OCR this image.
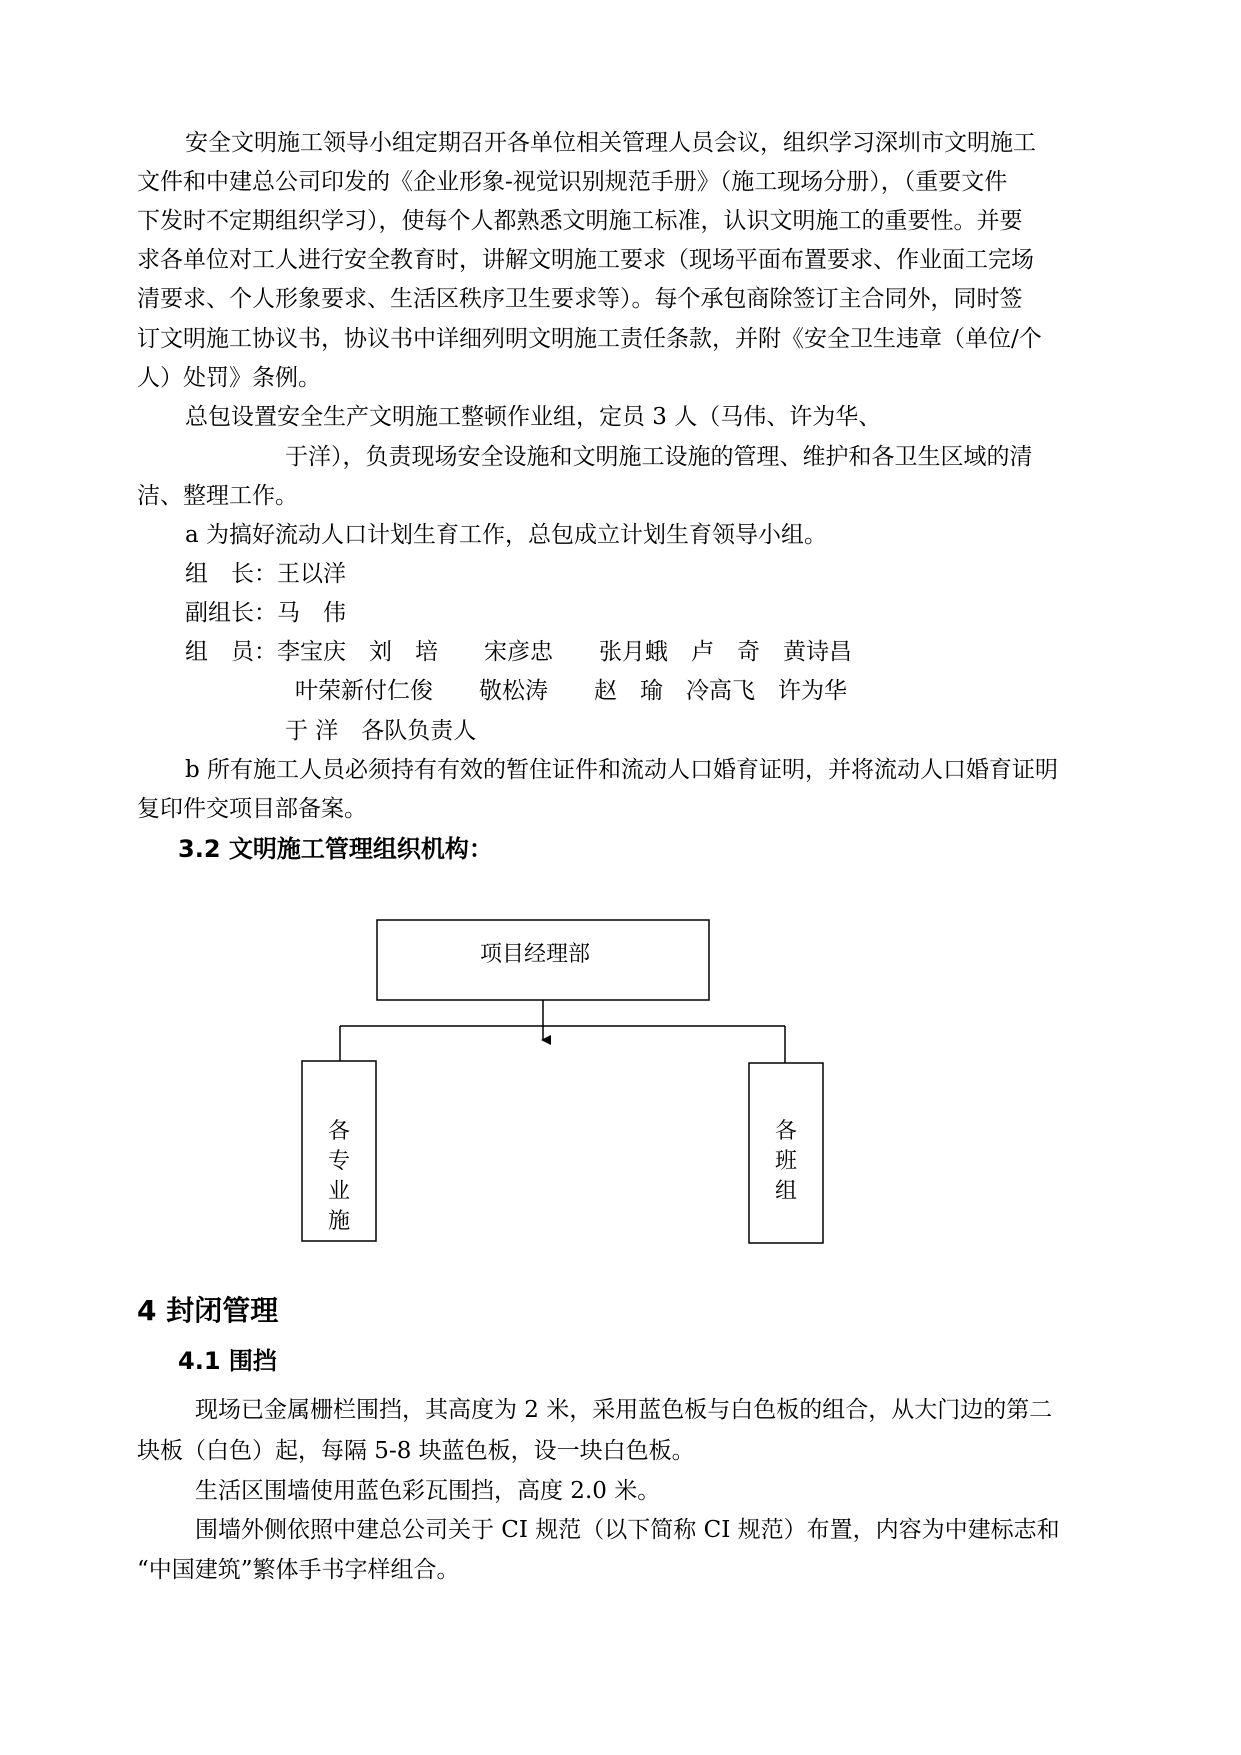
安全文明施工领导小组定期召开各单位相关管理人员会议，组织学习深圳市文明施工
文件和中建总公司印发的《企业形象-视觉识别规范手册》（施工现场分册），（重要文件
下发时不定期组织学习），使每个人都熟悉文明施工标准，认识文明施工的重要性。并要
求各单位对工人进行安全教育时，讲解文明施工要求（现场平面布置要求、作业面工完场
清要求、个人形象要求、生活区秩序卫生要求等）。每个承包商除签订主合同外，同时签
订文明施工协议书，协议书中详细列明文明施工责任条款，并附《安全卫生违章（单位/个
人）处罚》条例。
总包设置安全生产文明施工整顿作业组，定员 3 人（马伟、许为华、
于洋），负责现场安全设施和文明施工设施的管理、维护和各卫生区域的清
洁、整理工作。
a 为搞好流动人口计划生育工作，总包成立计划生育领导小组。
组　长：王以洋
副组长：马　伟
组　员：李宝庆　刘　培　　宋彦忠　　张月蛾　卢　奇　黄诗昌
叶荣新付仁俊　　敬松涛　　赵　瑜　冷高飞　许为华
于 洋　各队负责人
b 所有施工人员必须持有有效的暂住证件和流动人口婚育证明，并将流动人口婚育证明
复印件交项目部备案。
3.2 文明施工管理组织机构：
项目经理部
各专业施
各班组
4 封闭管理
4.1 围挡
现场已金属栅栏围挡，其高度为 2 米，采用蓝色板与白色板的组合，从大门边的第二
块板（白色）起，每隔 5-8 块蓝色板，设一块白色板。
生活区围墙使用蓝色彩瓦围挡，高度 2.0 米。
围墙外侧依照中建总公司关于 CI 规范（以下简称 CI 规范）布置，内容为中建标志和
“中国建筑”繁体手书字样组合。
